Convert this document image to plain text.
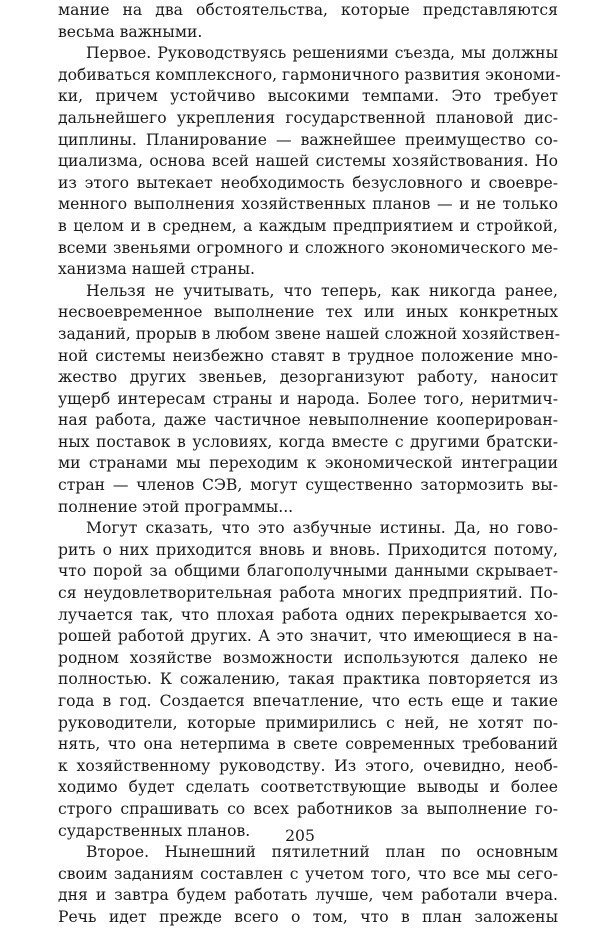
мание на два обстоятельства, которые представляются
весьма важными.
Первое. Руководствуясь решениями съезда, мы должны
добиваться комплексного, гармоничного развития экономи-
ки, причем устойчиво высокими темпами. Это требует
дальнейшего укрепления государственной плановой дис-
циплины. Планирование — важнейшее преимущество со-
циализма, основа всей нашей системы хозяйствования. Но
из этого вытекает необходимость безусловного и своевре-
менного выполнения хозяйственных планов — и не только
в целом и в среднем, а каждым предприятием и стройкой,
всеми звеньями огромного и сложного экономического ме-
ханизма нашей страны.
Нельзя не учитывать, что теперь, как никогда ранее,
несвоевременное выполнение тех или иных конкретных
заданий, прорыв в любом звене нашей сложной хозяйствен-
ной системы неизбежно ставят в трудное положение мно-
жество других звеньев, дезорганизуют работу, наносит
ущерб интересам страны и народа. Более того, неритмич-
ная работа, даже частичное невыполнение кооперирован-
ных поставок в условиях, когда вместе с другими братски-
ми странами мы переходим к экономической интеграции
стран — членов СЭВ, могут существенно затормозить вы-
полнение этой программы...
Могут сказать, что это азбучные истины. Да, но гово-
рить о них приходится вновь и вновь. Приходится потому,
что порой за общими благополучными данными скрывает-
ся неудовлетворительная работа многих предприятий. По-
лучается так, что плохая работа одних перекрывается хо-
рошей работой других. А это значит, что имеющиеся в на-
родном хозяйстве возможности используются далеко не
полностью. К сожалению, такая практика повторяется из
года в год. Создается впечатление, что есть еще и такие
руководители, которые примирились с ней, не хотят по-
нять, что она нетерпима в свете современных требований
к хозяйственному руководству. Из этого, очевидно, необ-
ходимо будет сделать соответствующие выводы и более
строго спрашивать со всех работников за выполнение го-
сударственных планов.
Второе. Нынешний пятилетний план по основным
своим заданиям составлен с учетом того, что все мы сего-
дня и завтра будем работать лучше, чем работали вчера.
Речь идет прежде всего о том, что в план заложены
205
